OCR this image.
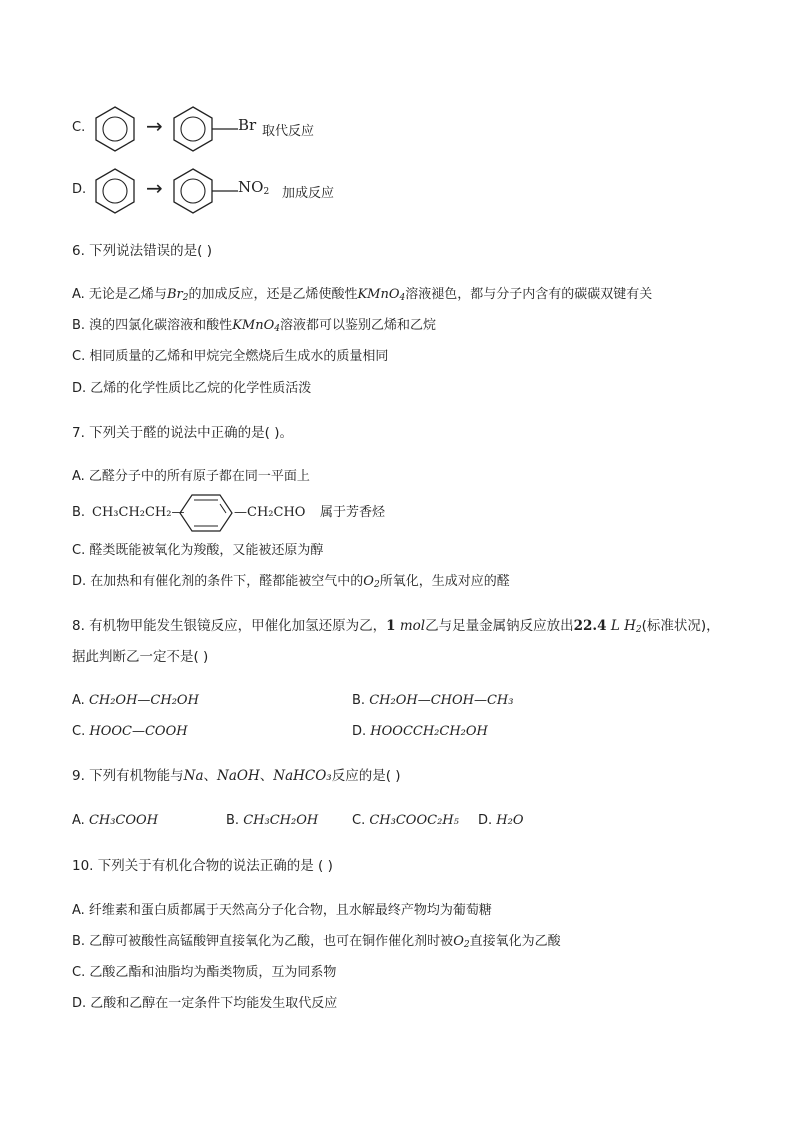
C.	→	Br 取代反应
D.	→	$NO_2$ 加成反应
6. 下列说法错误的是( )
A. 无论是乙烯与$Br_2$的加成反应，还是乙烯使酸性KMnO$_4$溶液褪色，都与分子内含有的碳碳双键有关
B. 溴的四氯化碳溶液和酸性KMnO$_4$溶液都可以鉴别乙烯和乙烷
C. 相同质量的乙烯和甲烷完全燃烧后生成水的质量相同
D. 乙烯的化学性质比乙烷的化学性质活泼
7. 下列关于醛的说法中正确的是( )。
A. 乙醛分子中的所有原子都在同一平面上
B. CH₃CH₂CH₂—	—CH₂CHO 属于芳香烃
C. 醛类既能被氧化为羧酸，又能被还原为醇
D. 在加热和有催化剂的条件下，醛都能被空气中的$O_2$所氧化，生成对应的醛
8. 有机物甲能发生银镜反应，甲催化加氢还原为乙，1 mol乙与足量金属钠反应放出22.4 L $H_2$(标准状况)，
据此判断乙一定不是( )
A. CH₂OH—CH₂OH	B. CH₂OH—CHOH—CH₃
C. HOOC—COOH	D. HOOCCH₂CH₂OH
9. 下列有机物能与Na、NaOH、NaHCO₃反应的是( )
A. CH₃COOH	B. CH₃CH₂OH	C. CH₃COOC₂H₅ D. H₂O
10. 下列关于有机化合物的说法正确的是 ( )
A. 纤维素和蛋白质都属于天然高分子化合物，且水解最终产物均为葡萄糖
B. 乙醇可被酸性高锰酸钾直接氧化为乙酸，也可在铜作催化剂时被$O_2$直接氧化为乙酸
C. 乙酸乙酯和油脂均为酯类物质，互为同系物
D. 乙酸和乙醇在一定条件下均能发生取代反应
